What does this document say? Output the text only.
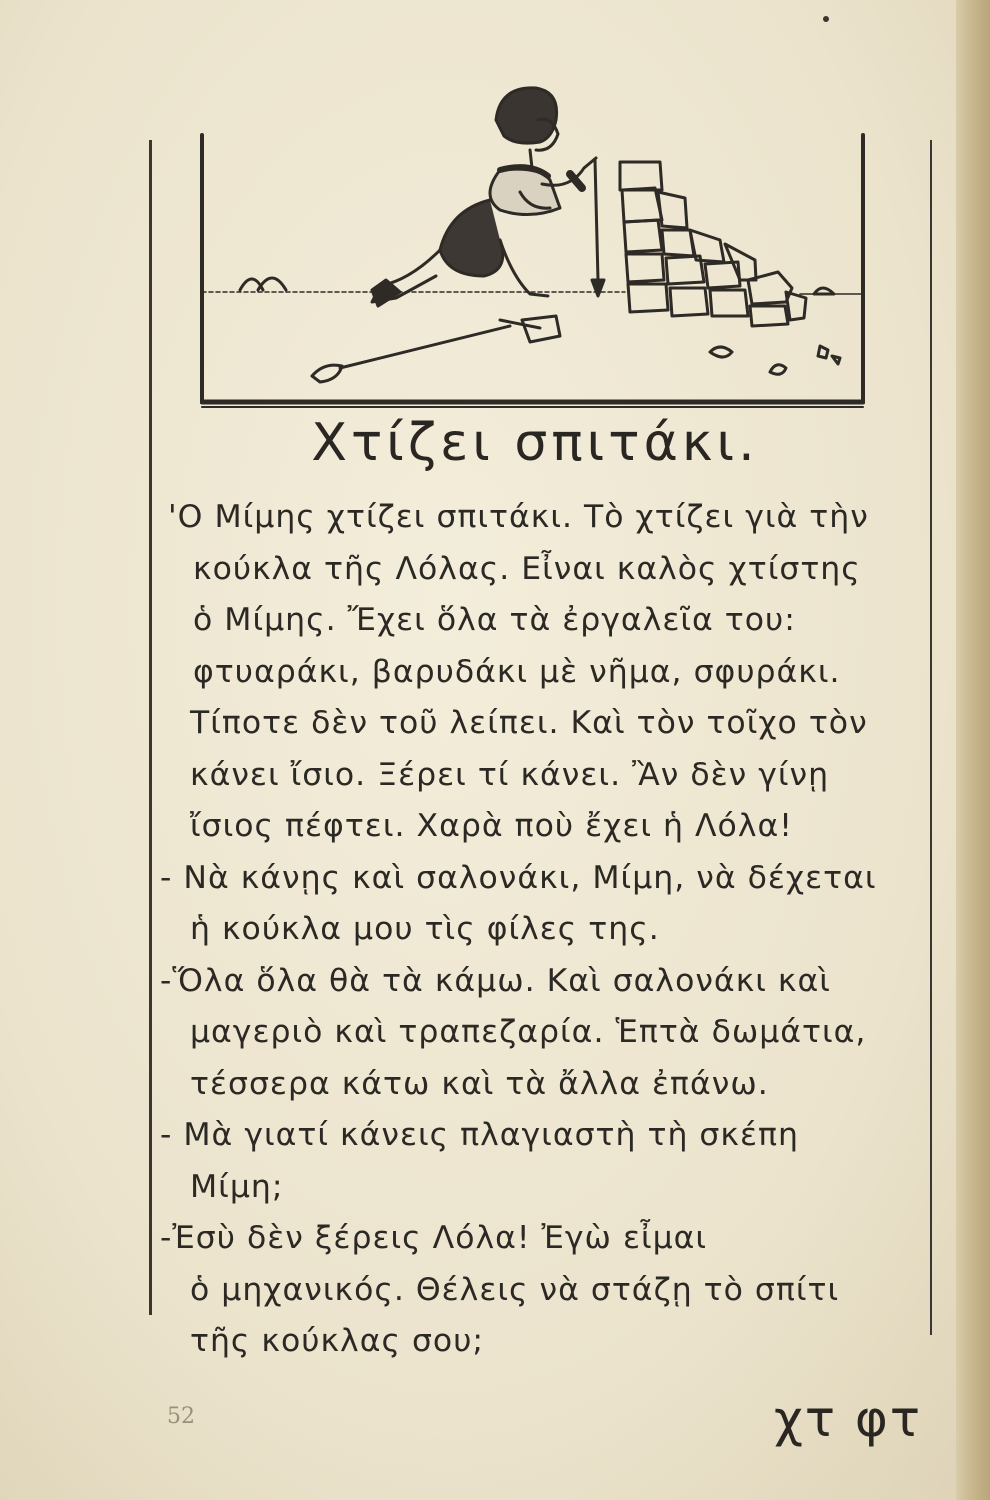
Χτίζει σπιτάκι.
'Ο Μίμης χτίζει σπιτάκι. Τὸ χτίζει γιὰ τὴν
κούκλα τῆς Λόλας. Εἶναι καλὸς χτίστης
ὁ Μίμης. Ἔχει ὅλα τὰ ἐργαλεῖα του:
φτυαράκι, βαρυδάκι μὲ νῆμα, σφυράκι.
Τίποτε δὲν τοῦ λείπει. Καὶ τὸν τοῖχο τὸν
κάνει ἴσιο. Ξέρει τί κάνει. Ἂν δὲν γίνῃ
ἴσιος πέφτει. Χαρὰ ποὺ ἔχει ἡ Λόλα!
- Νὰ κάνῃς καὶ σαλονάκι, Μίμη, νὰ δέχεται
ἡ κούκλα μου τὶς φίλες της.
-Ὅλα ὅλα θὰ τὰ κάμω. Καὶ σαλονάκι καὶ
μαγεριὸ καὶ τραπεζαρία. Ἑπτὰ δωμάτια,
τέσσερα κάτω καὶ τὰ ἄλλα ἐπάνω.
- Μὰ γιατί κάνεις πλαγιαστὴ τὴ σκέπη
Μίμη;
-Ἐσὺ δὲν ξέρεις Λόλα! Ἐγὼ εἶμαι
ὁ μηχανικός. Θέλεις νὰ στάζῃ τὸ σπίτι
τῆς κούκλας σου;
52	χτ φτ
